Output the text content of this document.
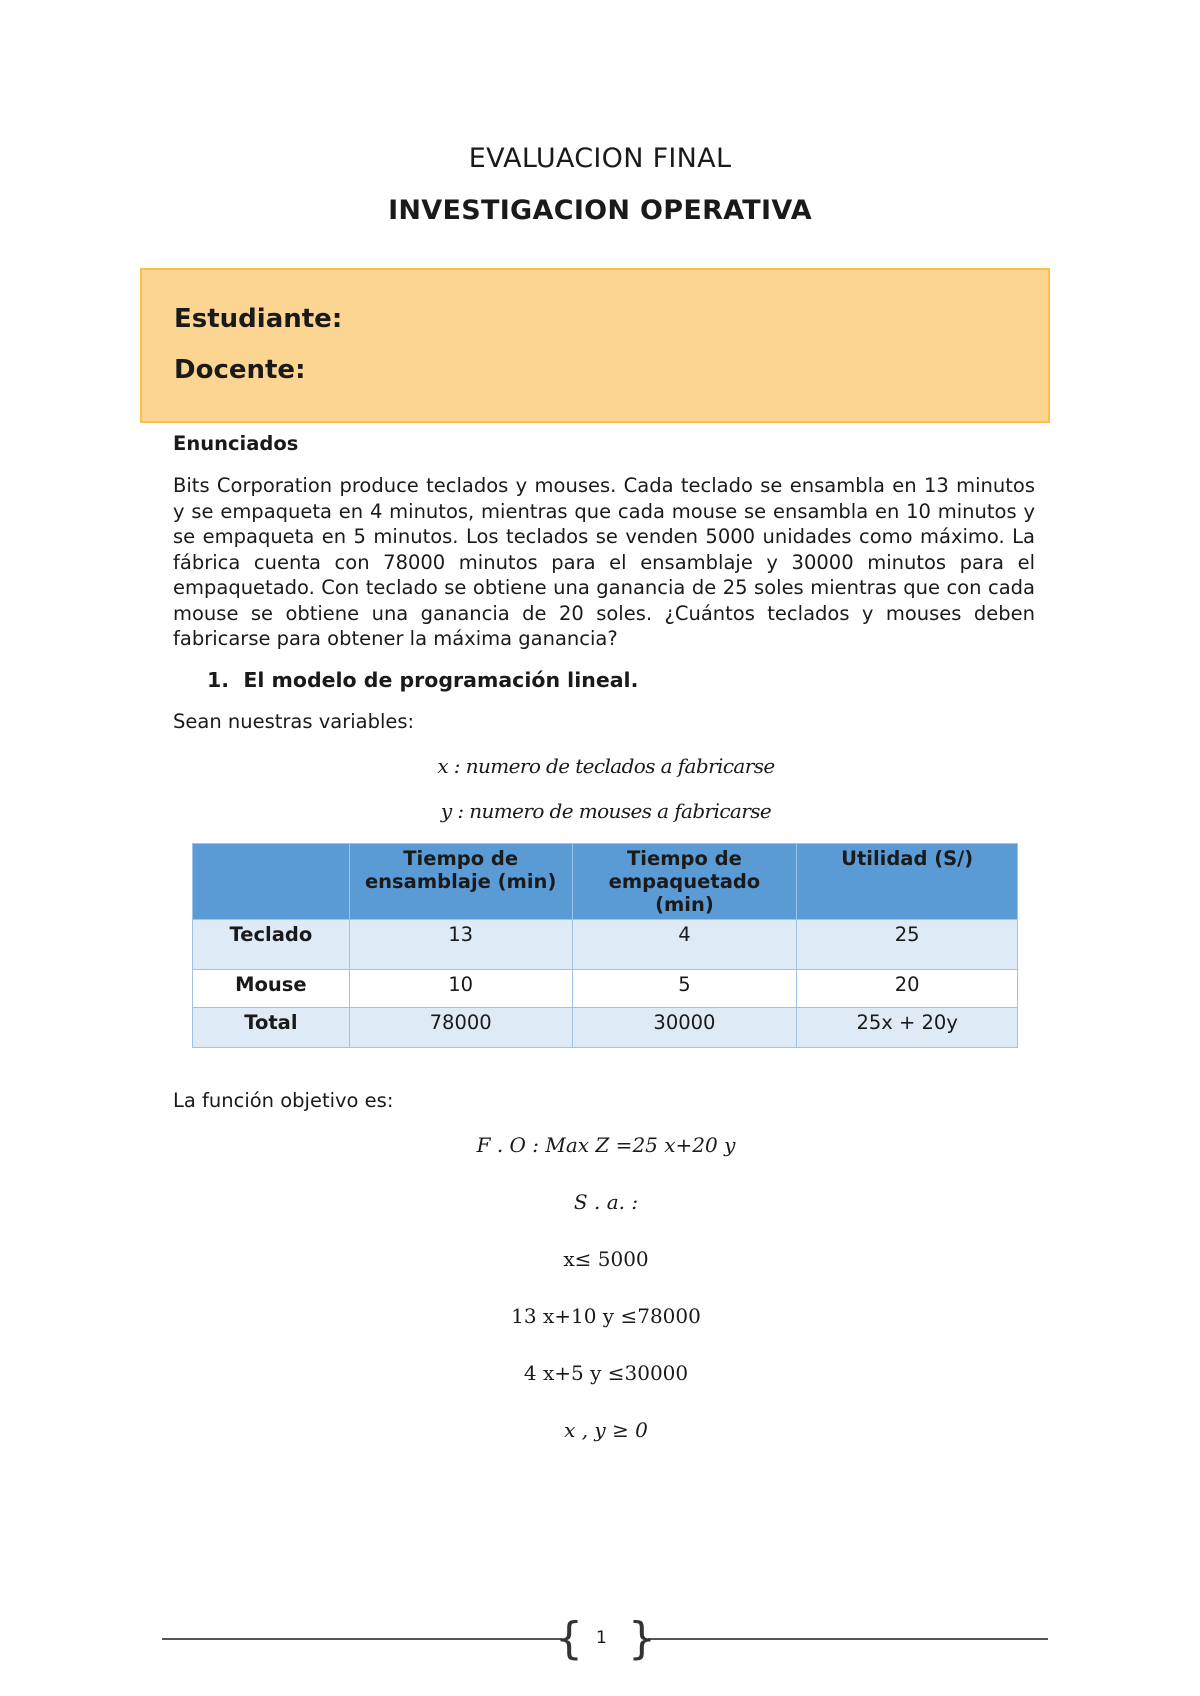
EVALUACION FINAL
INVESTIGACION OPERATIVA
Estudiante:
Docente:
Enunciados
Bits Corporation produce teclados y mouses. Cada teclado se ensambla en 13 minutos y se empaqueta en 4 minutos, mientras que cada mouse se ensambla en 10 minutos y se empaqueta en 5 minutos. Los teclados se venden 5000 unidades como máximo. La fábrica cuenta con 78000 minutos para el ensamblaje y 30000 minutos para el empaquetado. Con teclado se obtiene una ganancia de 25 soles mientras que con cada mouse se obtiene una ganancia de 20 soles. ¿Cuántos teclados y mouses deben fabricarse para obtener la máxima ganancia?
1. El modelo de programación lineal.
Sean nuestras variables:
x : numero de teclados a fabricarse
y : numero de mouses a fabricarse
	Tiempo de ensamblaje (min)	Tiempo de empaquetado (min)	Utilidad (S/)
Teclado	13	4	25
Mouse	10	5	20
Total	78000	30000	25x + 20y
La función objetivo es:
F . O : Max Z =25 x+20 y
S . a. :
x≤ 5000
13 x+10 y ≤78000
4 x+5 y ≤30000
x , y ≥ 0
{ }
1
